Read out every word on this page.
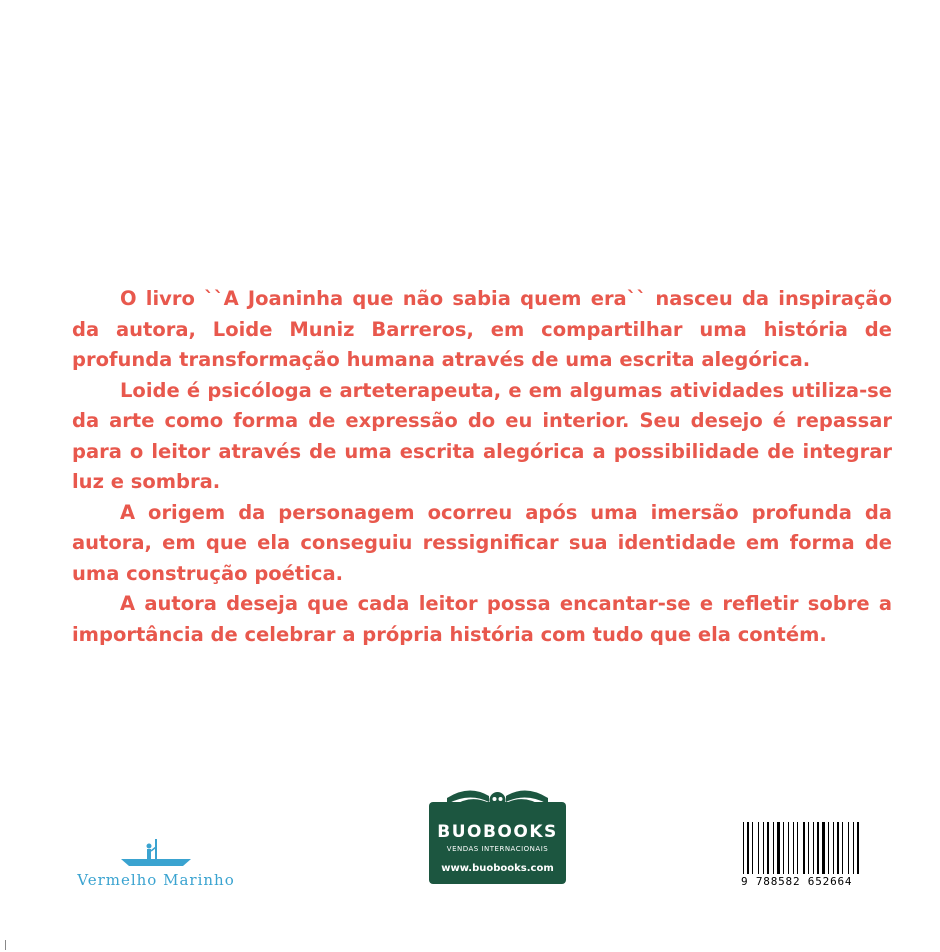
O livro ``A Joaninha que não sabia quem era`` nasceu da inspiração da autora, Loide Muniz Barreros, em compartilhar uma história de profunda transformação humana através de uma escrita alegórica.

Loide é psicóloga e arteterapeuta, e em algumas atividades utiliza-se da arte como forma de expressão do eu interior. Seu desejo é repassar para o leitor através de uma escrita alegórica a possibilidade de integrar luz e sombra.

A origem da personagem ocorreu após uma imersão profunda da autora, em que ela conseguiu ressignificar sua identidade em forma de uma construção poética.

A autora deseja que cada leitor possa encantar-se e refletir sobre a importância de celebrar a própria história com tudo que ela contém.

Vermelho Marinho
BUOBOOKS
VENDAS INTERNACIONAIS
www.buobooks.com
9 788582 652664
